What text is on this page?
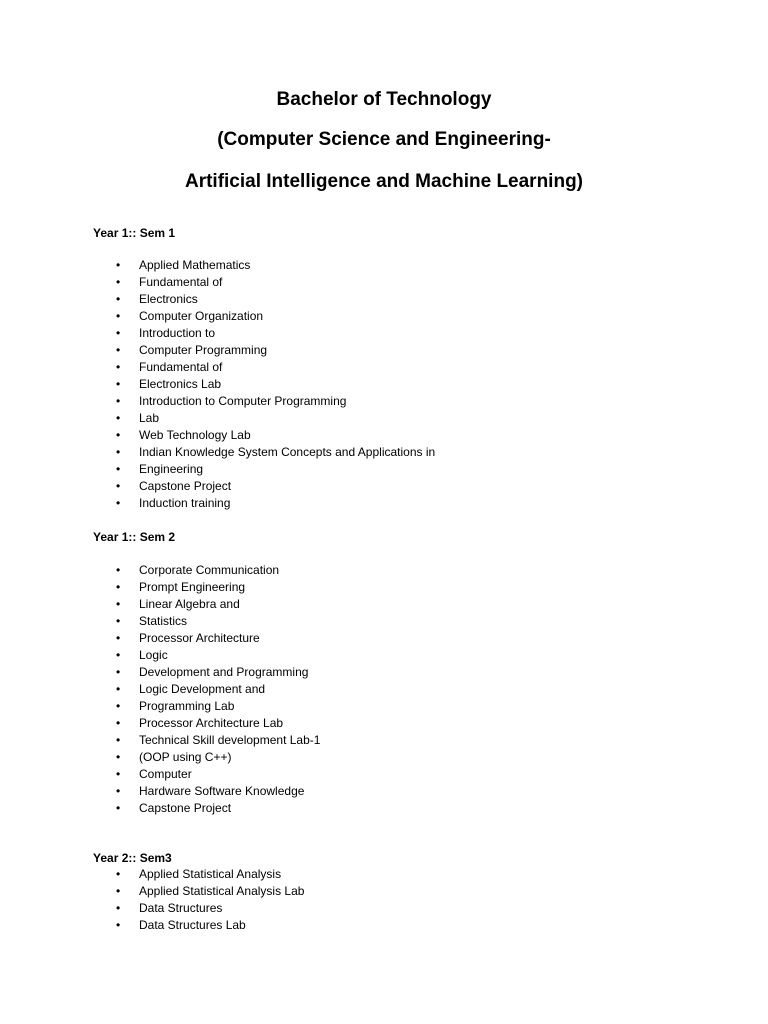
Bachelor of Technology
(Computer Science and Engineering-
Artificial Intelligence and Machine Learning)
Year 1:: Sem 1
• Applied Mathematics
• Fundamental of
• Electronics
• Computer Organization
• Introduction to
• Computer Programming
• Fundamental of
• Electronics Lab
• Introduction to Computer Programming
• Lab
• Web Technology Lab
• Indian Knowledge System Concepts and Applications in
• Engineering
• Capstone Project
• Induction training
Year 1:: Sem 2
• Corporate Communication
• Prompt Engineering
• Linear Algebra and
• Statistics
• Processor Architecture
• Logic
• Development and Programming
• Logic Development and
• Programming Lab
• Processor Architecture Lab
• Technical Skill development Lab-1
• (OOP using C++)
• Computer
• Hardware Software Knowledge
• Capstone Project
Year 2:: Sem3
• Applied Statistical Analysis
• Applied Statistical Analysis Lab
• Data Structures
• Data Structures Lab
